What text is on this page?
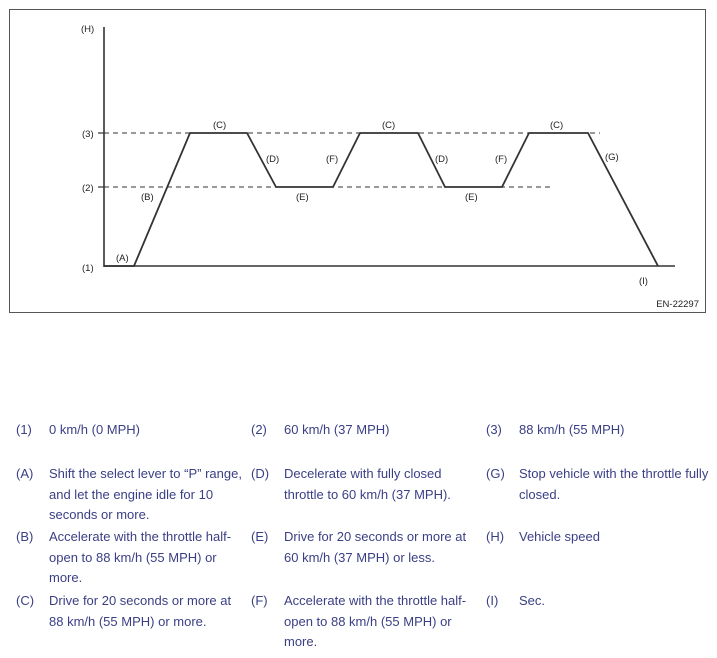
(H)
(3)
(2)
(1)
(A)
(B)
(C)
(D)
(E)
(F)
(C)
(D)
(E)
(F)
(C)
(G)
(I)
EN-22297
(1) 0 km/h (0 MPH)	(2) 60 km/h (37 MPH)	(3) 88 km/h (55 MPH)
(A) Shift the select lever to “P” range, and let the engine idle for 10 seconds or more.
(D) Decelerate with fully closed throttle to 60 km/h (37 MPH).
(G) Stop vehicle with the throttle fully closed.
(B) Accelerate with the throttle half-open to 88 km/h (55 MPH) or more.
(E) Drive for 20 seconds or more at 60 km/h (37 MPH) or less.
(H) Vehicle speed
(C) Drive for 20 seconds or more at 88 km/h (55 MPH) or more.
(F) Accelerate with the throttle half-open to 88 km/h (55 MPH) or more.
(I) Sec.
